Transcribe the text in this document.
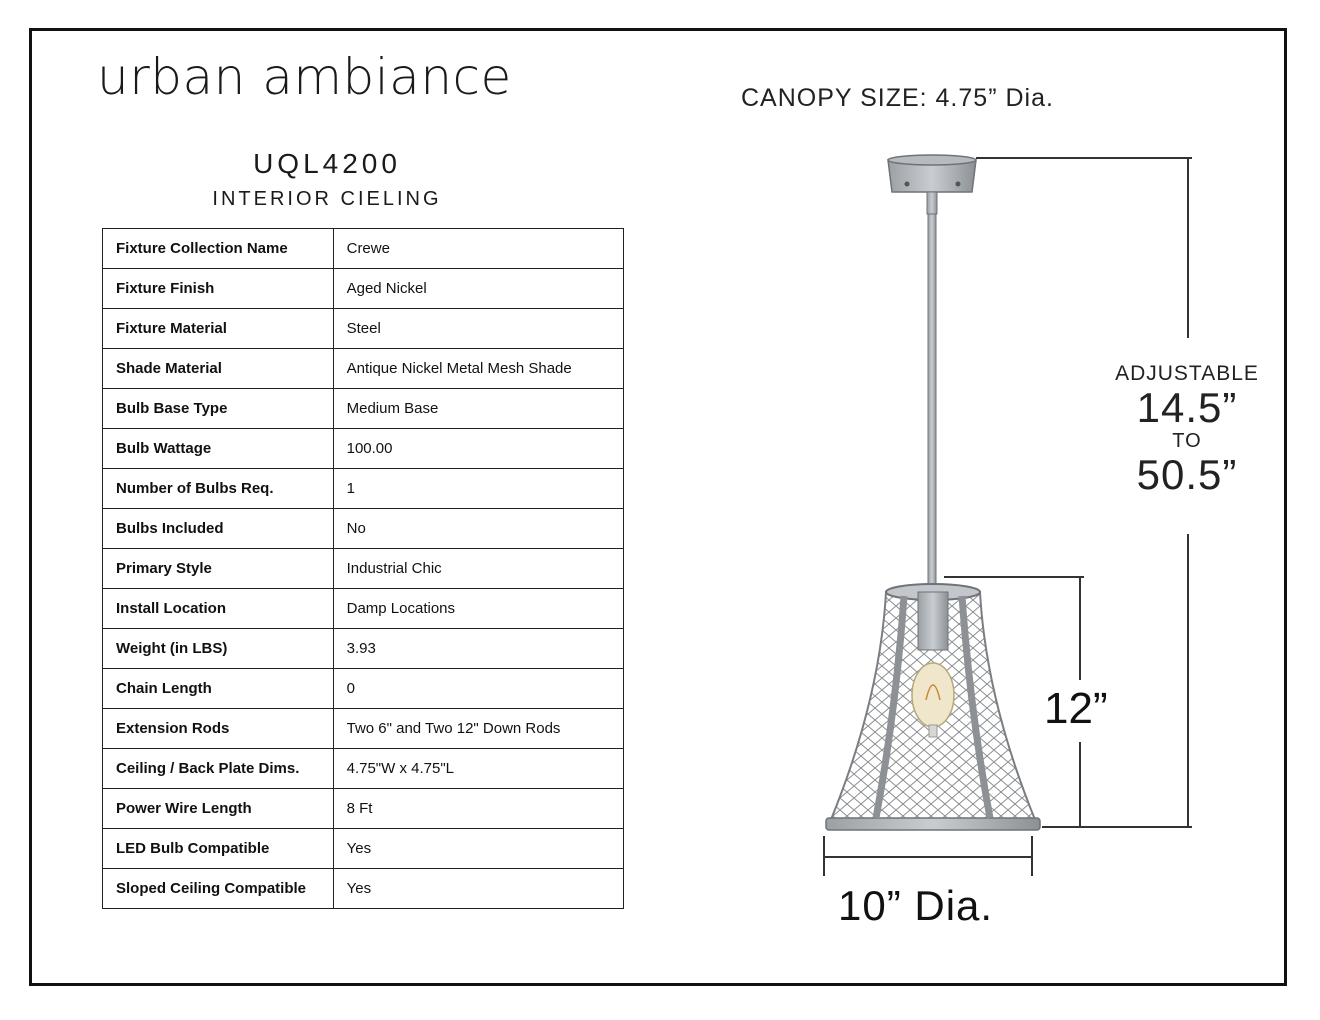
urban ambiance
UQL4200
INTERIOR CIELING
Fixture Collection Name	Crewe
Fixture Finish	Aged Nickel
Fixture Material	Steel
Shade Material	Antique Nickel Metal Mesh Shade
Bulb Base Type	Medium Base
Bulb Wattage	100.00
Number of Bulbs Req.	1
Bulbs Included	No
Primary Style	Industrial Chic
Install Location	Damp Locations
Weight (in LBS)	3.93
Chain Length	0
Extension Rods	Two 6" and Two 12" Down Rods
Ceiling / Back Plate Dims.	4.75"W x 4.75"L
Power Wire Length	8 Ft
LED Bulb Compatible	Yes
Sloped Ceiling Compatible	Yes
CANOPY SIZE: 4.75” Dia.
ADJUSTABLE
14.5”
TO
50.5”
12”
10” Dia.
